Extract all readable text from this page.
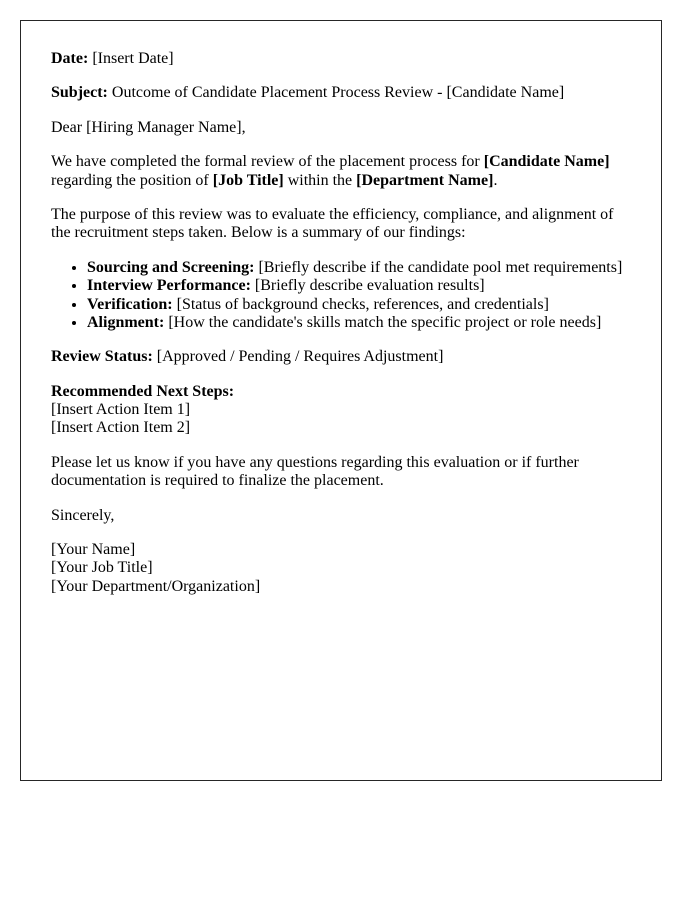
Date: [Insert Date]

Subject: Outcome of Candidate Placement Process Review - [Candidate Name]

Dear [Hiring Manager Name],

We have completed the formal review of the placement process for [Candidate Name] regarding the position of [Job Title] within the [Department Name].

The purpose of this review was to evaluate the efficiency, compliance, and alignment of the recruitment steps taken. Below is a summary of our findings:

• Sourcing and Screening: [Briefly describe if the candidate pool met requirements]
• Interview Performance: [Briefly describe evaluation results]
• Verification: [Status of background checks, references, and credentials]
• Alignment: [How the candidate's skills match the specific project or role needs]

Review Status: [Approved / Pending / Requires Adjustment]

Recommended Next Steps:
[Insert Action Item 1]
[Insert Action Item 2]

Please let us know if you have any questions regarding this evaluation or if further documentation is required to finalize the placement.

Sincerely,

[Your Name]
[Your Job Title]
[Your Department/Organization]
